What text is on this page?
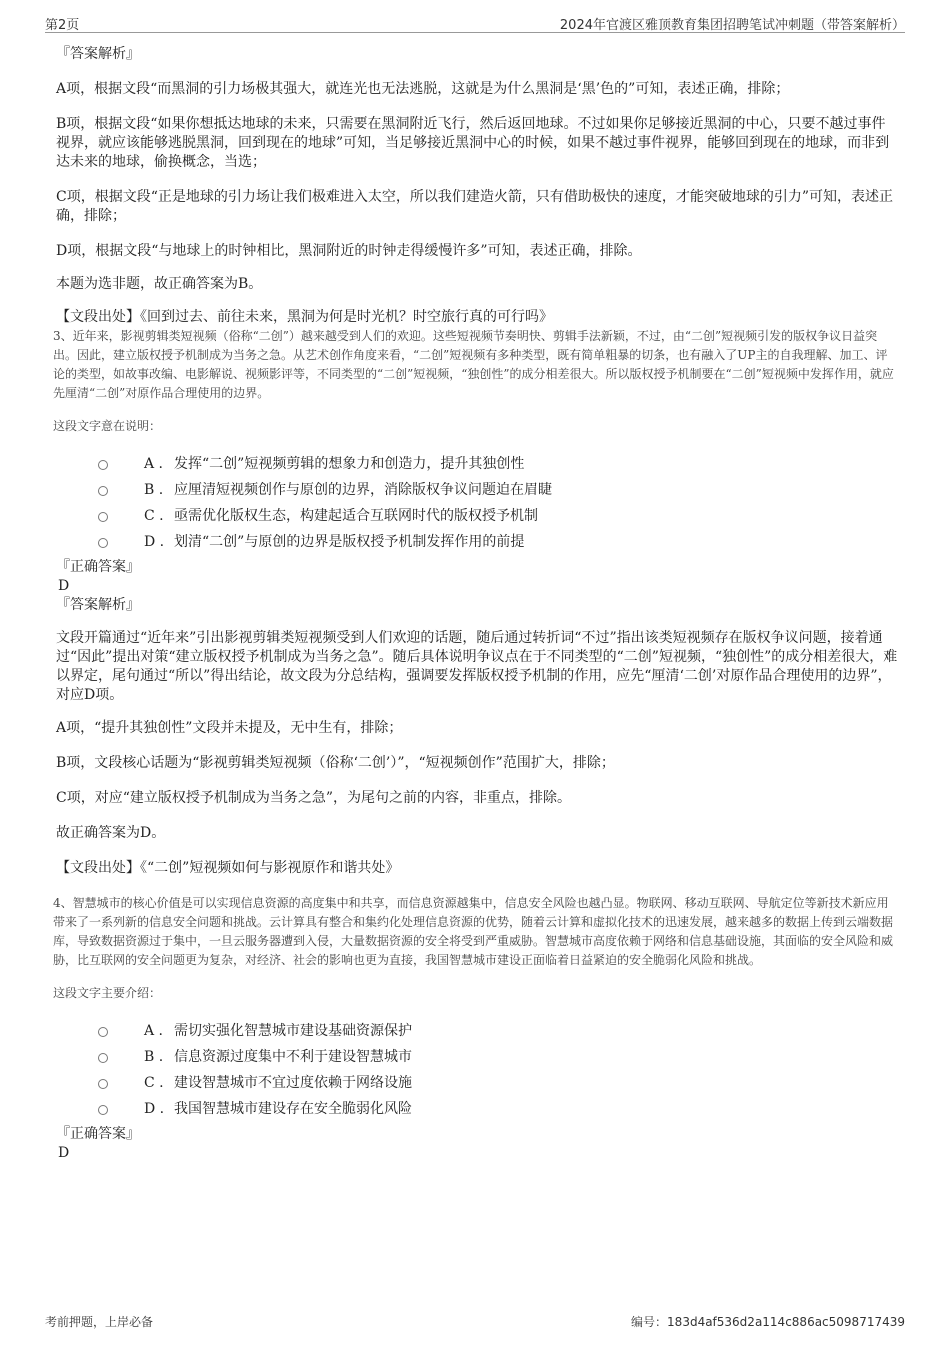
第2页	2024年官渡区雅顶教育集团招聘笔试冲刺题（带答案解析）

『答案解析』

A项，根据文段“而黑洞的引力场极其强大，就连光也无法逃脱，这就是为什么黑洞是‘黑’色的”可知，表述正确，排除；

B项，根据文段“如果你想抵达地球的未来，只需要在黑洞附近飞行，然后返回地球。不过如果你足够接近黑洞的中心，只要不越过事件视界，就应该能够逃脱黑洞，回到现在的地球”可知，当足够接近黑洞中心的时候，如果不越过事件视界，能够回到现在的地球，而非到达未来的地球，偷换概念，当选；

C项，根据文段“正是地球的引力场让我们极难进入太空，所以我们建造火箭，只有借助极快的速度，才能突破地球的引力”可知，表述正确，排除；

D项，根据文段“与地球上的时钟相比，黑洞附近的时钟走得缓慢许多”可知，表述正确，排除。

本题为选非题，故正确答案为B。

【文段出处】《回到过去、前往未来，黑洞为何是时光机？时空旅行真的可行吗》

3、近年来，影视剪辑类短视频（俗称“二创”）越来越受到人们的欢迎。这些短视频节奏明快、剪辑手法新颖，不过，由“二创”短视频引发的版权争议日益突出。因此，建立版权授予机制成为当务之急。从艺术创作角度来看，“二创”短视频有多种类型，既有简单粗暴的切条，也有融入了UP主的自我理解、加工、评论的类型，如故事改编、电影解说、视频影评等，不同类型的“二创”短视频，“独创性”的成分相差很大。所以版权授予机制要在“二创”短视频中发挥作用，就应先厘清“二创”对原作品合理使用的边界。

这段文字意在说明：

A . 发挥“二创”短视频剪辑的想象力和创造力，提升其独创性
B . 应厘清短视频创作与原创的边界，消除版权争议问题迫在眉睫
C . 亟需优化版权生态，构建起适合互联网时代的版权授予机制
D . 划清“二创”与原创的边界是版权授予机制发挥作用的前提

『正确答案』

D

『答案解析』

文段开篇通过“近年来”引出影视剪辑类短视频受到人们欢迎的话题，随后通过转折词“不过”指出该类短视频存在版权争议问题，接着通过“因此”提出对策“建立版权授予机制成为当务之急”。随后具体说明争议点在于不同类型的“二创”短视频，“独创性”的成分相差很大，难以界定，尾句通过“所以”得出结论，故文段为分总结构，强调要发挥版权授予机制的作用，应先“厘清‘二创’对原作品合理使用的边界”，对应D项。

A项，“提升其独创性”文段并未提及，无中生有，排除；

B项，文段核心话题为“影视剪辑类短视频（俗称‘二创’）”，“短视频创作”范围扩大，排除；

C项，对应“建立版权授予机制成为当务之急”，为尾句之前的内容，非重点，排除。

故正确答案为D。

【文段出处】《“二创”短视频如何与影视原作和谐共处》

4、智慧城市的核心价值是可以实现信息资源的高度集中和共享，而信息资源越集中，信息安全风险也越凸显。物联网、移动互联网、导航定位等新技术新应用带来了一系列新的信息安全问题和挑战。云计算具有整合和集约化处理信息资源的优势，随着云计算和虚拟化技术的迅速发展，越来越多的数据上传到云端数据库，导致数据资源过于集中，一旦云服务器遭到入侵，大量数据资源的安全将受到严重威胁。智慧城市高度依赖于网络和信息基础设施，其面临的安全风险和威胁，比互联网的安全问题更为复杂，对经济、社会的影响也更为直接，我国智慧城市建设正面临着日益紧迫的安全脆弱化风险和挑战。

这段文字主要介绍：

A . 需切实强化智慧城市建设基础资源保护
B . 信息资源过度集中不利于建设智慧城市
C . 建设智慧城市不宜过度依赖于网络设施
D . 我国智慧城市建设存在安全脆弱化风险

『正确答案』

D

考前押题，上岸必备	编号：183d4af536d2a114c886ac5098717439
